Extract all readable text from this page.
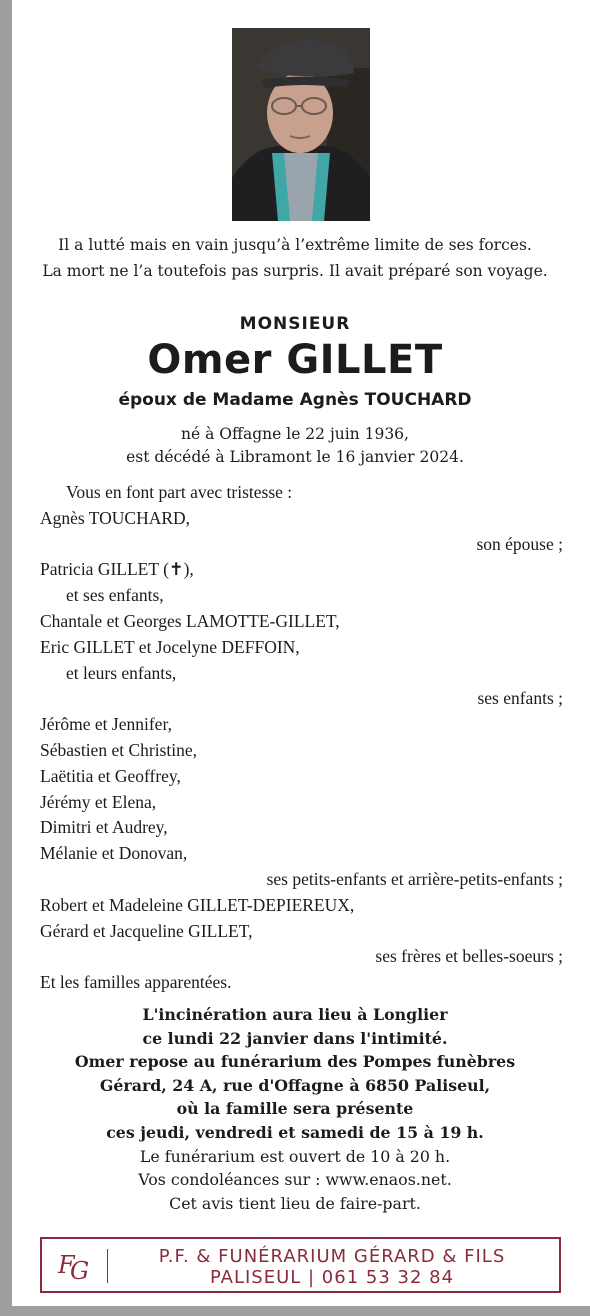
Il a lutté mais en vain jusqu’à l’extrême limite de ses forces.
La mort ne l’a toutefois pas surpris. Il avait préparé son voyage.
MONSIEUR
Omer GILLET
époux de Madame Agnès TOUCHARD
né à Offagne le 22 juin 1936,
est décédé à Libramont le 16 janvier 2024.
Vous en font part avec tristesse :
Agnès TOUCHARD,
son épouse ;
Patricia GILLET (✝),
et ses enfants,
Chantale et Georges LAMOTTE-GILLET,
Eric GILLET et Jocelyne DEFFOIN,
et leurs enfants,
ses enfants ;
Jérôme et Jennifer,
Sébastien et Christine,
Laëtitia et Geoffrey,
Jérémy et Elena,
Dimitri et Audrey,
Mélanie et Donovan,
ses petits-enfants et arrière-petits-enfants ;
Robert et Madeleine GILLET-DEPIEREUX,
Gérard et Jacqueline GILLET,
ses frères et belles-soeurs ;
Et les familles apparentées.
L'incinération aura lieu à Longlier
ce lundi 22 janvier dans l'intimité.
Omer repose au funérarium des Pompes funèbres
Gérard, 24 A, rue d'Offagne à 6850 Paliseul,
où la famille sera présente
ces jeudi, vendredi et samedi de 15 à 19 h.
Le funérarium est ouvert de 10 à 20 h.
Vos condoléances sur : www.enaos.net.
Cet avis tient lieu de faire-part.
F
G
P.F. & FUNÉRARIUM GÉRARD & FILS
PALISEUL | 061 53 32 84
